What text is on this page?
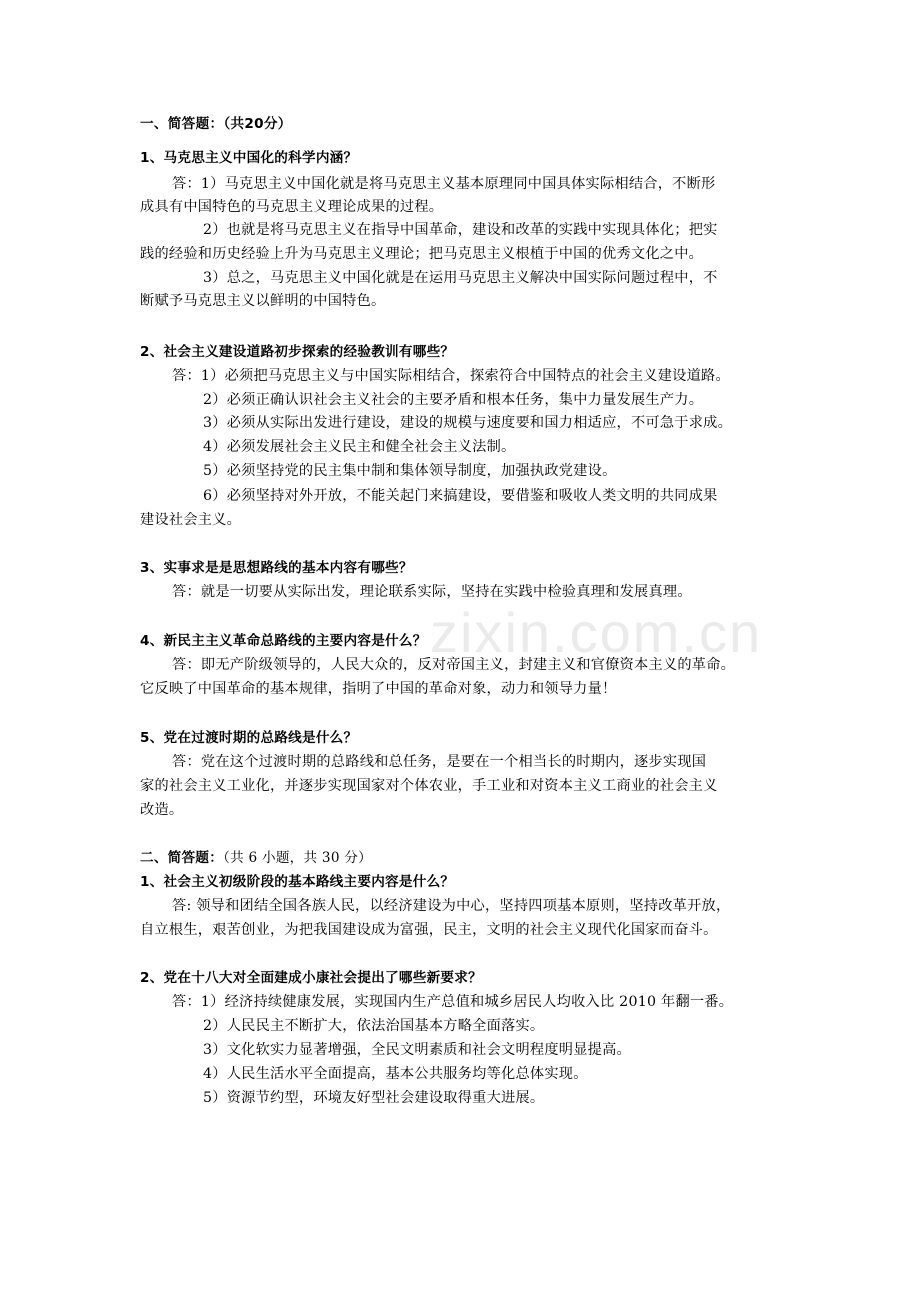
zixin.com.cn
一、简答题：（共20分）
1、马克思主义中国化的科学内涵？
答：1）马克思主义中国化就是将马克思主义基本原理同中国具体实际相结合，不断形
成具有中国特色的马克思主义理论成果的过程。
2）也就是将马克思主义在指导中国革命，建设和改革的实践中实现具体化；把实
践的经验和历史经验上升为马克思主义理论；把马克思主义根植于中国的优秀文化之中。
3）总之，马克思主义中国化就是在运用马克思主义解决中国实际问题过程中，不
断赋予马克思主义以鲜明的中国特色。
2、社会主义建设道路初步探索的经验教训有哪些？
答：1）必须把马克思主义与中国实际相结合，探索符合中国特点的社会主义建设道路。
2）必须正确认识社会主义社会的主要矛盾和根本任务，集中力量发展生产力。
3）必须从实际出发进行建设，建设的规模与速度要和国力相适应，不可急于求成。
4）必须发展社会主义民主和健全社会主义法制。
5）必须坚持党的民主集中制和集体领导制度，加强执政党建设。
6）必须坚持对外开放，不能关起门来搞建设，要借鉴和吸收人类文明的共同成果
建设社会主义。
3、实事求是是思想路线的基本内容有哪些？
答：就是一切要从实际出发，理论联系实际，坚持在实践中检验真理和发展真理。
4、新民主主义革命总路线的主要内容是什么？
答：即无产阶级领导的，人民大众的，反对帝国主义，封建主义和官僚资本主义的革命。
它反映了中国革命的基本规律，指明了中国的革命对象，动力和领导力量！
5、党在过渡时期的总路线是什么？
答：党在这个过渡时期的总路线和总任务，是要在一个相当长的时期内，逐步实现国
家的社会主义工业化，并逐步实现国家对个体农业，手工业和对资本主义工商业的社会主义
改造。
二、简答题：（共 6 小题，共 30 分）
1、社会主义初级阶段的基本路线主要内容是什么？
答: 领导和团结全国各族人民，以经济建设为中心，坚持四项基本原则，坚持改革开放，
自立根生，艰苦创业，为把我国建设成为富强，民主，文明的社会主义现代化国家而奋斗。
2、党在十八大对全面建成小康社会提出了哪些新要求？
答：1）经济持续健康发展，实现国内生产总值和城乡居民人均收入比 2010 年翻一番。
2）人民民主不断扩大，依法治国基本方略全面落实。
3）文化软实力显著增强，全民文明素质和社会文明程度明显提高。
4）人民生活水平全面提高，基本公共服务均等化总体实现。
5）资源节约型，环境友好型社会建设取得重大进展。
